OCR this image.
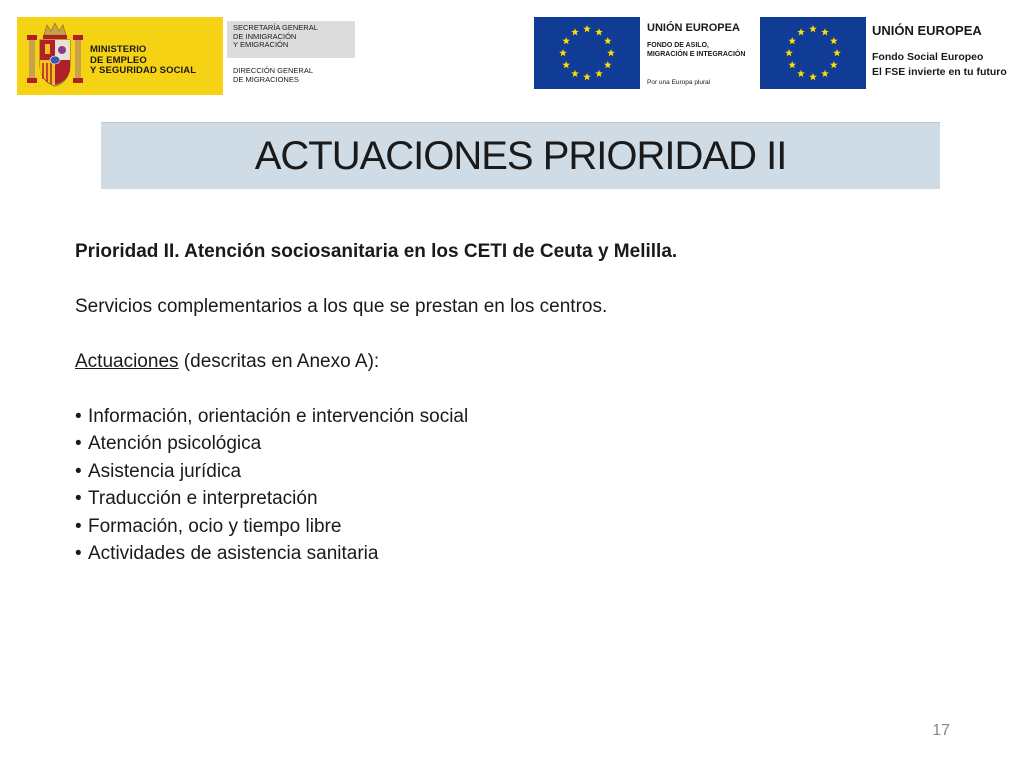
MINISTERIO
DE EMPLEO
Y SEGURIDAD SOCIAL
SECRETARÍA GENERAL
DE INMIGRACIÓN
Y EMIGRACIÓN
DIRECCIÓN GENERAL
DE MIGRACIONES
UNIÓN EUROPEA
FONDO DE ASILO,
MIGRACIÓN E INTEGRACIÓN
Por una Europa plural
UNIÓN EUROPEA
Fondo Social Europeo
El FSE invierte en tu futuro
ACTUACIONES PRIORIDAD II

Prioridad II. Atención sociosanitaria en los CETI de Ceuta y Melilla.

Servicios complementarios a los que se prestan en los centros.

Actuaciones (descritas en Anexo A):

• Información, orientación e intervención social
• Atención psicológica
• Asistencia jurídica
• Traducción e interpretación
• Formación, ocio y tiempo libre
• Actividades de asistencia sanitaria
17
